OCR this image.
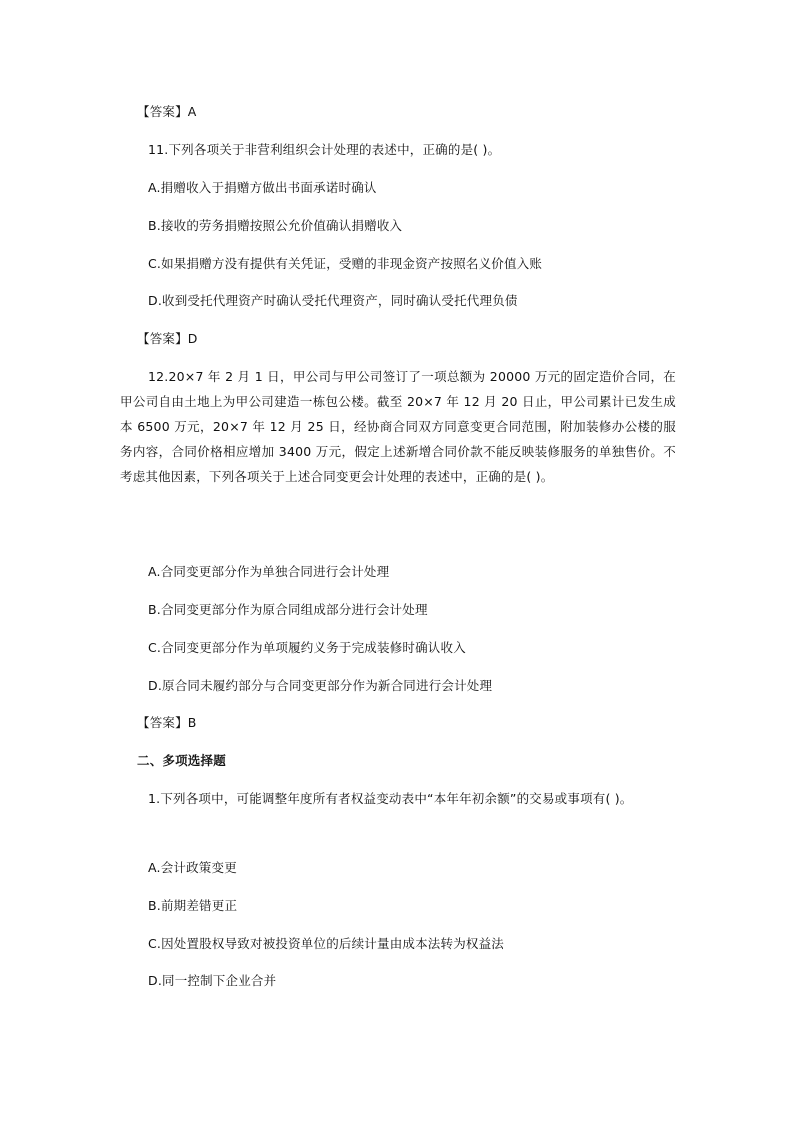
【答案】A
11.下列各项关于非营利组织会计处理的表述中，正确的是( )。
A.捐赠收入于捐赠方做出书面承诺时确认
B.接收的劳务捐赠按照公允价值确认捐赠收入
C.如果捐赠方没有提供有关凭证，受赠的非现金资产按照名义价值入账
D.收到受托代理资产时确认受托代理资产，同时确认受托代理负债
【答案】D
12.20×7 年 2 月 1 日，甲公司与甲公司签订了一项总额为 20000 万元的固定造价合同，在甲公司自由土地上为甲公司建造一栋包公楼。截至 20×7 年 12 月 20 日止，甲公司累计已发生成本 6500 万元，20×7 年 12 月 25 日，经协商合同双方同意变更合同范围，附加装修办公楼的服务内容，合同价格相应增加 3400 万元，假定上述新增合同价款不能反映装修服务的单独售价。不考虑其他因素，下列各项关于上述合同变更会计处理的表述中，正确的是( )。
A.合同变更部分作为单独合同进行会计处理
B.合同变更部分作为原合同组成部分进行会计处理
C.合同变更部分作为单项履约义务于完成装修时确认收入
D.原合同未履约部分与合同变更部分作为新合同进行会计处理
【答案】B
二、多项选择题
1.下列各项中，可能调整年度所有者权益变动表中“本年年初余额”的交易或事项有( )。
A.会计政策变更
B.前期差错更正
C.因处置股权导致对被投资单位的后续计量由成本法转为权益法
D.同一控制下企业合并
